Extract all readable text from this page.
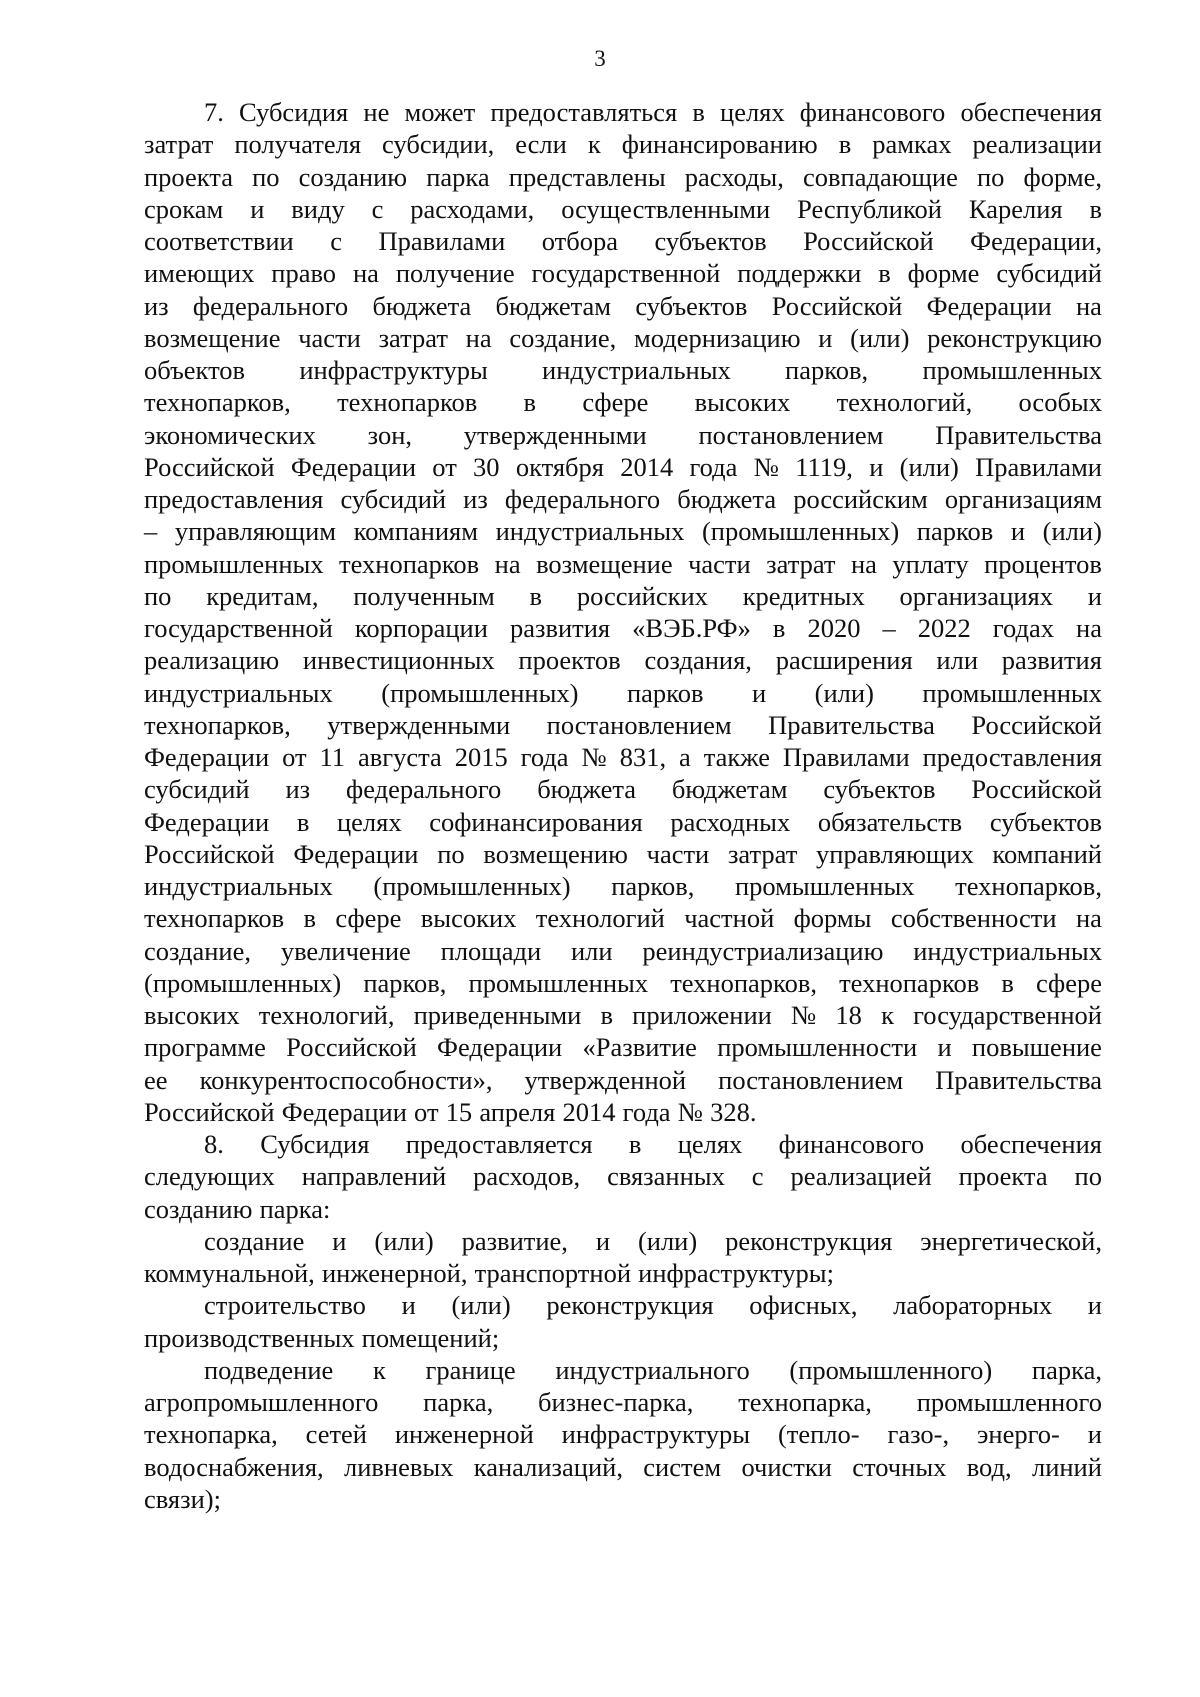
3
7. Субсидия не может предоставляться в целях финансового обеспечения
затрат получателя субсидии, если к финансированию в рамках реализации
проекта по созданию парка представлены расходы, совпадающие по форме,
срокам и виду с расходами, осуществленными Республикой Карелия в
соответствии с Правилами отбора субъектов Российской Федерации,
имеющих право на получение государственной поддержки в форме субсидий
из федерального бюджета бюджетам субъектов Российской Федерации на
возмещение части затрат на создание, модернизацию и (или) реконструкцию
объектов инфраструктуры индустриальных парков, промышленных
технопарков, технопарков в сфере высоких технологий, особых
экономических зон, утвержденными постановлением Правительства
Российской Федерации от 30 октября 2014 года № 1119, и (или) Правилами
предоставления субсидий из федерального бюджета российским организациям
– управляющим компаниям индустриальных (промышленных) парков и (или)
промышленных технопарков на возмещение части затрат на уплату процентов
по кредитам, полученным в российских кредитных организациях и
государственной корпорации развития «ВЭБ.РФ» в 2020 – 2022 годах на
реализацию инвестиционных проектов создания, расширения или развития
индустриальных (промышленных) парков и (или) промышленных
технопарков, утвержденными постановлением Правительства Российской
Федерации от 11 августа 2015 года № 831, а также Правилами предоставления
субсидий из федерального бюджета бюджетам субъектов Российской
Федерации в целях софинансирования расходных обязательств субъектов
Российской Федерации по возмещению части затрат управляющих компаний
индустриальных (промышленных) парков, промышленных технопарков,
технопарков в сфере высоких технологий частной формы собственности на
создание, увеличение площади или реиндустриализацию индустриальных
(промышленных) парков, промышленных технопарков, технопарков в сфере
высоких технологий, приведенными в приложении № 18 к государственной
программе Российской Федерации «Развитие промышленности и повышение
ее конкурентоспособности», утвержденной постановлением Правительства
Российской Федерации от 15 апреля 2014 года № 328.
8. Субсидия предоставляется в целях финансового обеспечения
следующих направлений расходов, связанных с реализацией проекта по
созданию парка:
создание и (или) развитие, и (или) реконструкция энергетической,
коммунальной, инженерной, транспортной инфраструктуры;
строительство и (или) реконструкция офисных, лабораторных и
производственных помещений;
подведение к границе индустриального (промышленного) парка,
агропромышленного парка, бизнес-парка, технопарка, промышленного
технопарка, сетей инженерной инфраструктуры (тепло- газо-, энерго- и
водоснабжения, ливневых канализаций, систем очистки сточных вод, линий
связи);
